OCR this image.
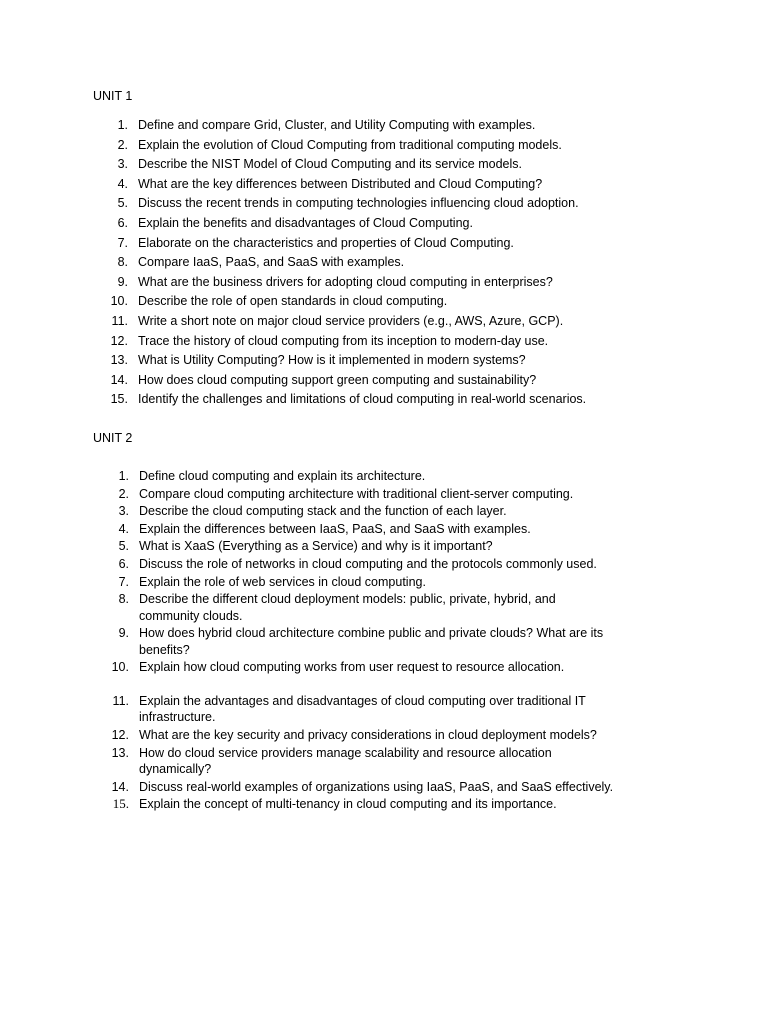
UNIT 1
1. Define and compare Grid, Cluster, and Utility Computing with examples.
2. Explain the evolution of Cloud Computing from traditional computing models.
3. Describe the NIST Model of Cloud Computing and its service models.
4. What are the key differences between Distributed and Cloud Computing?
5. Discuss the recent trends in computing technologies influencing cloud adoption.
6. Explain the benefits and disadvantages of Cloud Computing.
7. Elaborate on the characteristics and properties of Cloud Computing.
8. Compare IaaS, PaaS, and SaaS with examples.
9. What are the business drivers for adopting cloud computing in enterprises?
10. Describe the role of open standards in cloud computing.
11. Write a short note on major cloud service providers (e.g., AWS, Azure, GCP).
12. Trace the history of cloud computing from its inception to modern-day use.
13. What is Utility Computing? How is it implemented in modern systems?
14. How does cloud computing support green computing and sustainability?
15. Identify the challenges and limitations of cloud computing in real-world scenarios.
UNIT 2
1. Define cloud computing and explain its architecture.
2. Compare cloud computing architecture with traditional client-server computing.
3. Describe the cloud computing stack and the function of each layer.
4. Explain the differences between IaaS, PaaS, and SaaS with examples.
5. What is XaaS (Everything as a Service) and why is it important?
6. Discuss the role of networks in cloud computing and the protocols commonly used.
7. Explain the role of web services in cloud computing.
8. Describe the different cloud deployment models: public, private, hybrid, and community clouds.
9. How does hybrid cloud architecture combine public and private clouds? What are its benefits?
10. Explain how cloud computing works from user request to resource allocation.
11. Explain the advantages and disadvantages of cloud computing over traditional IT infrastructure.
12. What are the key security and privacy considerations in cloud deployment models?
13. How do cloud service providers manage scalability and resource allocation dynamically?
14. Discuss real-world examples of organizations using IaaS, PaaS, and SaaS effectively.
15. Explain the concept of multi-tenancy in cloud computing and its importance.
